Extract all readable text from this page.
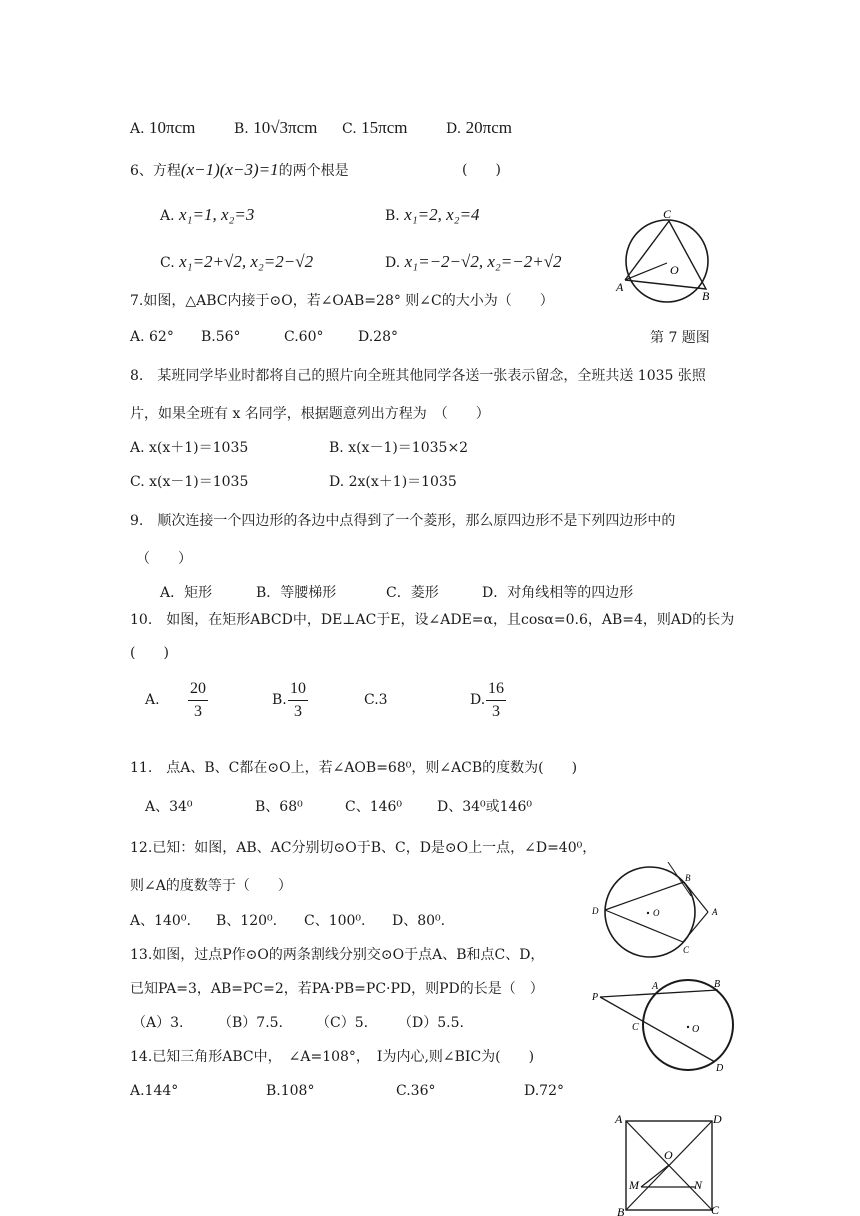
A. 10πcm	B. 10√3πcm C. 15πcm	D. 20πcm
6、方程(x−1)(x−3)=1的两个根是	(　　)
A. x₁=1, x₂=3	B. x₁=2, x₂=4
C. x₁=2+√2, x₂=2−√2	D. x₁=−2−√2, x₂=−2+√2
C
O
A
B
7.如图，△ABC内接于⊙O，若∠OAB=28° 则∠C的大小为（　　）
A. 62° B.56°	C.60° D.28°	第 7 题图
8.　某班同学毕业时都将自己的照片向全班其他同学各送一张表示留念，全班共送 1035 张照
片，如果全班有 x 名同学，根据题意列出方程为　（　　）
A. x(x＋1)＝1035	B. x(x－1)＝1035×2
C. x(x－1)＝1035	D. 2x(x＋1)＝1035
9.　顺次连接一个四边形的各边中点得到了一个菱形，那么原四边形不是下列四边形中的
（　　）
A．矩形	B．等腰梯形	C．菱形	D．对角线相等的四边形
10.　如图，在矩形ABCD中，DE⊥AC于E，设∠ADE=α，且cosα=0.6，AB=4，则AD的长为
(　　)
A. $\frac{20}{3}$	B. $\frac{10}{3}$	C.3	D. $\frac{16}{3}$
11.　点A、B、C都在⊙O上，若∠AOB=68⁰，则∠ACB的度数为(　　)
A、34⁰	B、68⁰	C、146⁰ D、34⁰或146⁰
12.已知：如图，AB、AC分别切⊙O于B、C，D是⊙O上一点，∠D=40⁰，
则∠A的度数等于（　　）
A、140⁰. B、120⁰. C、100⁰. D、80⁰.	O
D
B
A
C
13.如图，过点P作⊙O的两条割线分别交⊙O于点A、B和点C、D，
已知PA=3，AB=PC=2，若PA·PB=PC·PD，则PD的长是（　）
（A）3. （B）7.5. （C）5. （D）5.5.	O
P
A	B
C
D
14.已知三角形ABC中，　∠A=108°，　I为内心,则∠BIC为(　　)
A.144°	B.108°	C.36°	D.72°
A	D
O
M	N
B	C
